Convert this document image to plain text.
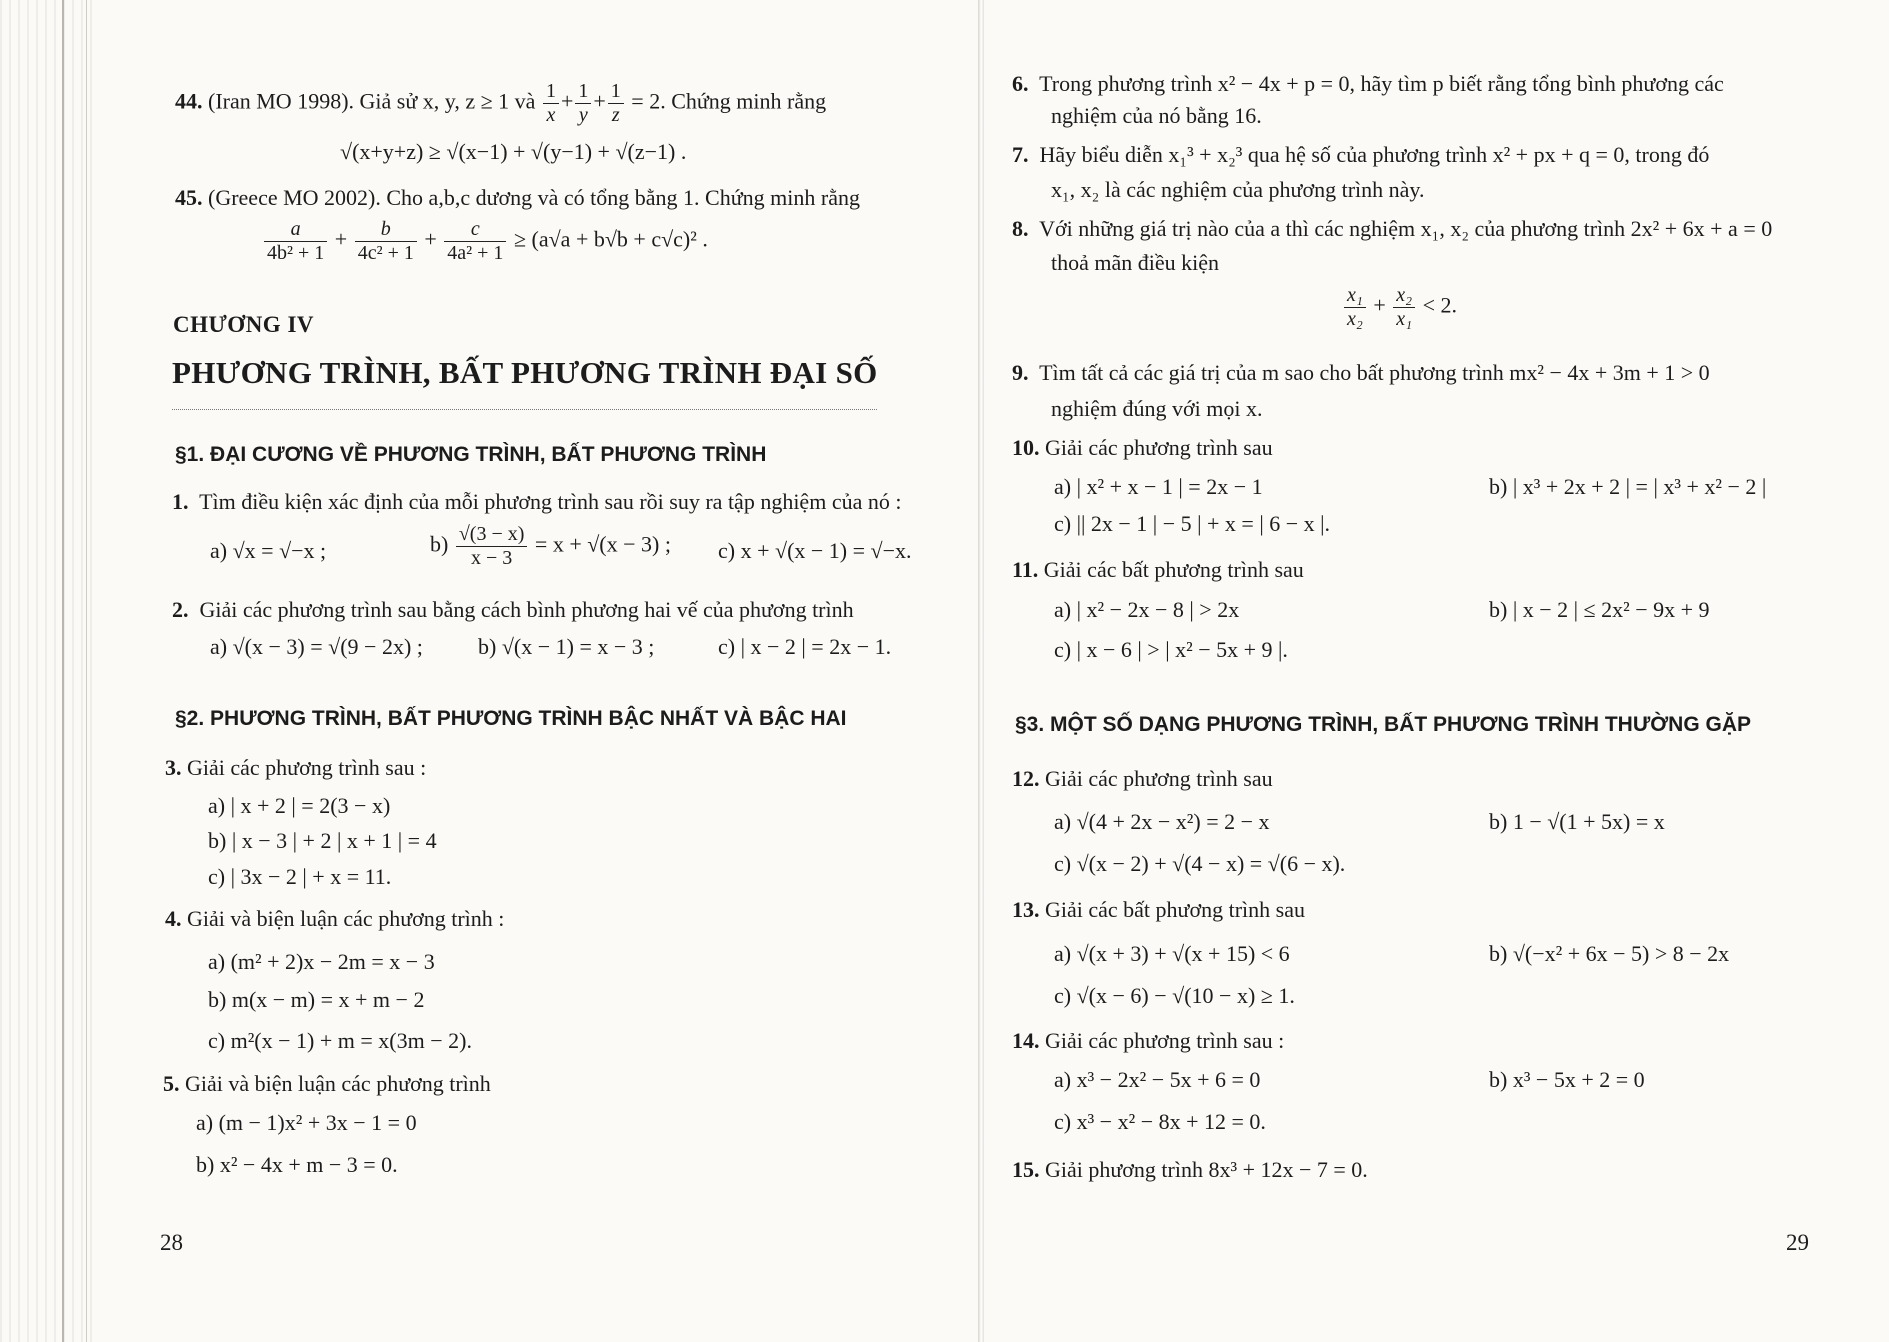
44. (Iran MO 1998). Giả sử x, y, z ≥ 1 và $\frac{1}{x} + \frac{1}{y} + \frac{1}{z} = 2$. Chứng minh rằng
√(x+y+z) ≥ √(x−1) + √(y−1) + √(z−1) .
45. (Greece MO 2002). Cho a,b,c dương và có tổng bằng 1. Chứng minh rằng
$\frac{a}{\text{4b² + 1}} + \frac{b}{\text{4c² + 1}} + \frac{c}{\text{4a² + 1}} \ge (a√a + b√b + c√c)^2$ .
CHƯƠNG IV
PHƯƠNG TRÌNH, BẤT PHƯƠNG TRÌNH ĐẠI SỐ
§1. ĐẠI CƯƠNG VỀ PHƯƠNG TRÌNH, BẤT PHƯƠNG TRÌNH
1. Tìm điều kiện xác định của mỗi phương trình sau rồi suy ra tập nghiệm của nó :
a) √x = √−x ;	$b) \frac{√(3 - x)}{x - 3} = x + √(x - 3)$ ; c) x + √(x − 1) = √−x.
2. Giải các phương trình sau bằng cách bình phương hai vế của phương trình
a) √(x − 3) = √(9 − 2x) ;	b) √(x − 1) = x − 3 ;	c) | x − 2 | = 2x − 1.
§2. PHƯƠNG TRÌNH, BẤT PHƯƠNG TRÌNH BẬC NHẤT VÀ BẬC HAI
3. Giải các phương trình sau :
a) | x + 2 | = 2(3 − x)
b) | x − 3 | + 2 | x + 1 | = 4
c) | 3x − 2 | + x = 11.
4. Giải và biện luận các phương trình :
a) (m² + 2)x − 2m = x − 3
b) m(x − m) = x + m − 2
c) m²(x − 1) + m = x(3m − 2).
5. Giải và biện luận các phương trình
a) (m − 1)x² + 3x − 1 = 0
b) x² − 4x + m − 3 = 0.
28
6. Trong phương trình x² − 4x + p = 0, hãy tìm p biết rằng tổng bình phương các
nghiệm của nó bằng 16.
7. Hãy biểu diễn x₁³ + x₂³ qua hệ số của phương trình x² + px + q = 0, trong đó
x₁, x₂ là các nghiệm của phương trình này.
8. Với những giá trị nào của a thì các nghiệm x₁, x₂ của phương trình 2x² + 6x + a = 0
thoả mãn điều kiện
$\frac{\text{x₁}}{\text{x₂}} + \frac{\text{x₂}}{\text{x₁}} < 2$.
9. Tìm tất cả các giá trị của m sao cho bất phương trình mx² − 4x + 3m + 1 > 0
nghiệm đúng với mọi x.
10. Giải các phương trình sau
a) | x² + x − 1 | = 2x − 1	b) | x³ + 2x + 2 | = | x³ + x² − 2 |
c) || 2x − 1 | − 5 | + x = | 6 − x |.
11. Giải các bất phương trình sau
a) | x² − 2x − 8 | > 2x	b) | x − 2 | ≤ 2x² − 9x + 9
c) | x − 6 | > | x² − 5x + 9 |.
§3. MỘT SỐ DẠNG PHƯƠNG TRÌNH, BẤT PHƯƠNG TRÌNH THƯỜNG GẶP
12. Giải các phương trình sau
a) √(4 + 2x − x²) = 2 − x	b) 1 − √(1 + 5x) = x
c) √(x − 2) + √(4 − x) = √(6 − x).
13. Giải các bất phương trình sau
a) √(x + 3) + √(x + 15) < 6	b) √(−x² + 6x − 5) > 8 − 2x
c) √(x − 6) − √(10 − x) ≥ 1.
14. Giải các phương trình sau :
a) x³ − 2x² − 5x + 6 = 0	b) x³ − 5x + 2 = 0
c) x³ − x² − 8x + 12 = 0.
15. Giải phương trình 8x³ + 12x − 7 = 0.
29
